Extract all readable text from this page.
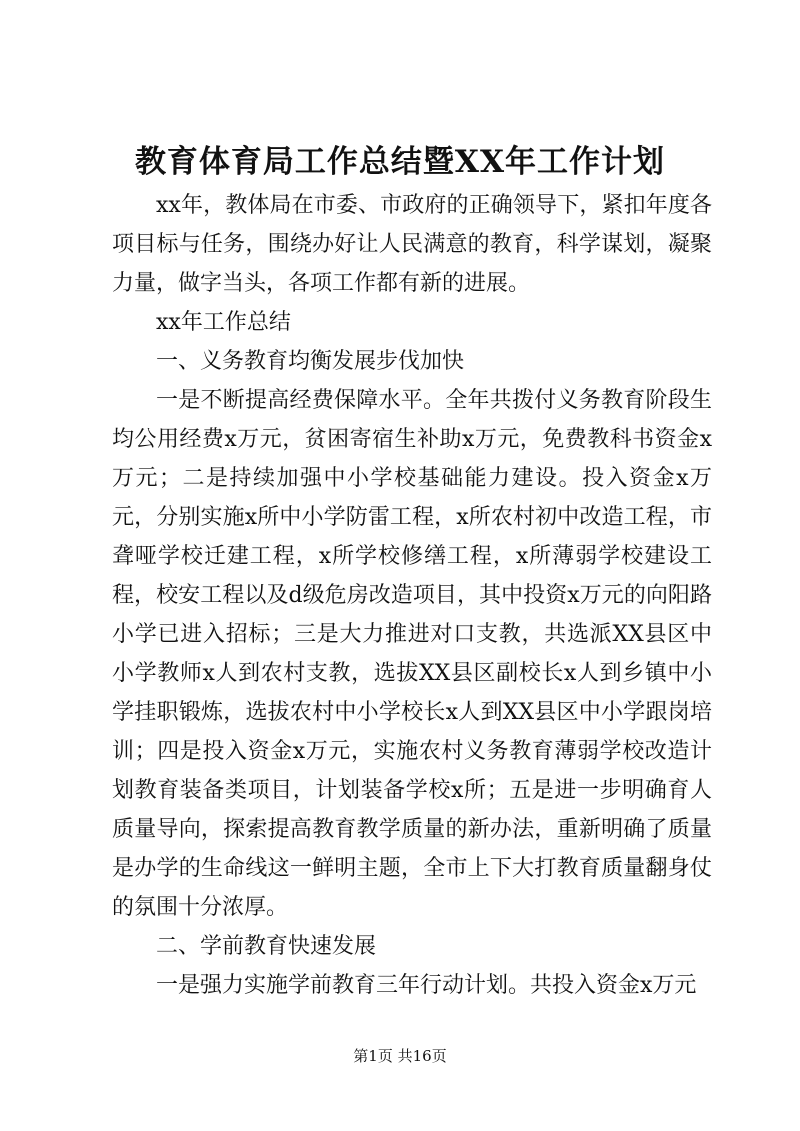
教育体育局工作总结暨XX年工作计划

xx年，教体局在市委、市政府的正确领导下，紧扣年度各项目标与任务，围绕办好让人民满意的教育，科学谋划，凝聚力量，做字当头，各项工作都有新的进展。

xx年工作总结

一、义务教育均衡发展步伐加快

一是不断提高经费保障水平。全年共拨付义务教育阶段生均公用经费x万元，贫困寄宿生补助x万元，免费教科书资金x万元；二是持续加强中小学校基础能力建设。投入资金x万元，分别实施x所中小学防雷工程，x所农村初中改造工程，市聋哑学校迁建工程，x所学校修缮工程，x所薄弱学校建设工程，校安工程以及d级危房改造项目，其中投资x万元的向阳路小学已进入招标；三是大力推进对口支教，共选派XX县区中小学教师x人到农村支教，选拔XX县区副校长x人到乡镇中小学挂职锻炼，选拔农村中小学校长x人到XX县区中小学跟岗培训；四是投入资金x万元，实施农村义务教育薄弱学校改造计划教育装备类项目，计划装备学校x所；五是进一步明确育人质量导向，探索提高教育教学质量的新办法，重新明确了质量是办学的生命线这一鲜明主题，全市上下大打教育质量翻身仗的氛围十分浓厚。

二、学前教育快速发展

一是强力实施学前教育三年行动计划。共投入资金x万元

第1页 共16页
